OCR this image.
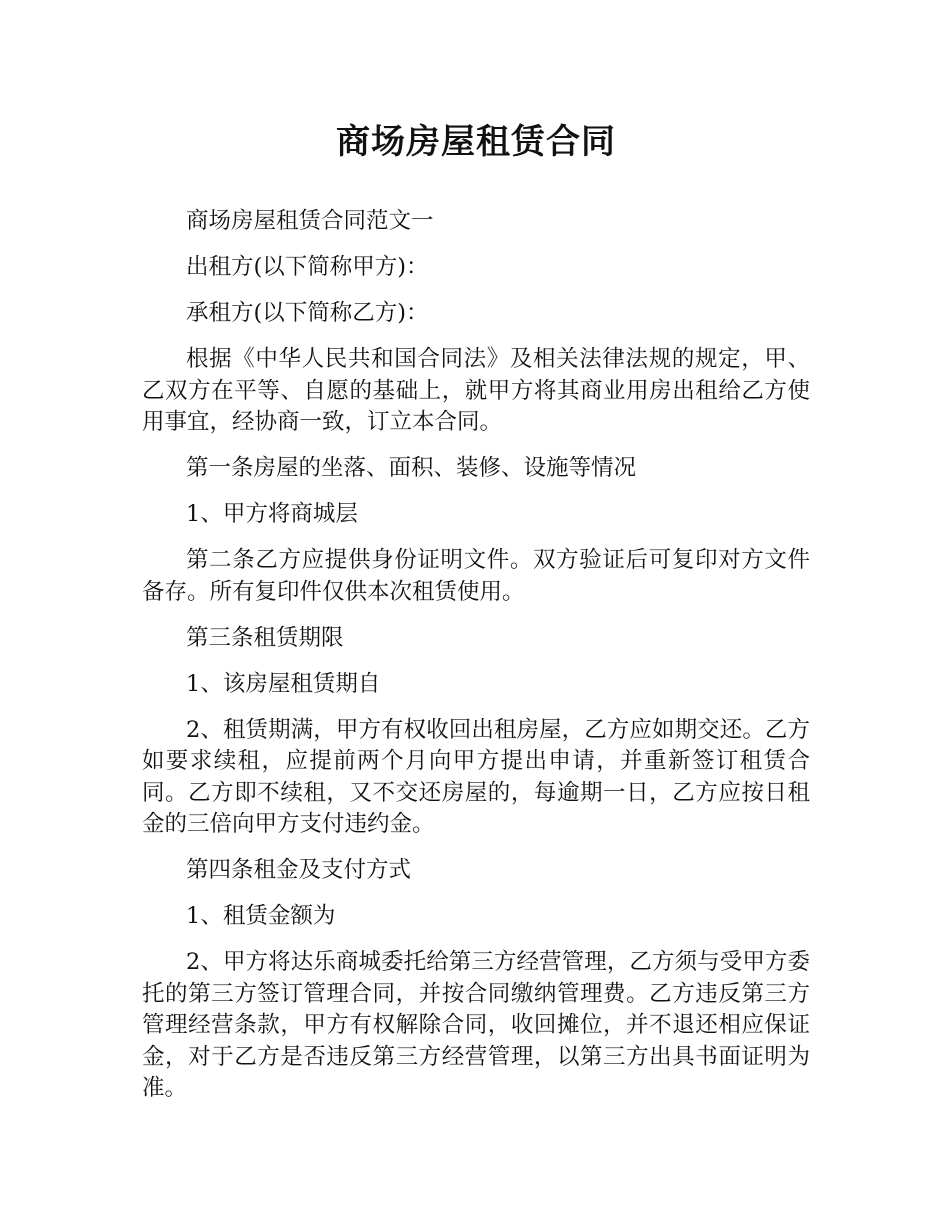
商场房屋租赁合同

商场房屋租赁合同范文一

出租方(以下简称甲方)：

承租方(以下简称乙方)：

根据《中华人民共和国合同法》及相关法律法规的规定，甲、乙双方在平等、自愿的基础上，就甲方将其商业用房出租给乙方使用事宜，经协商一致，订立本合同。

第一条房屋的坐落、面积、装修、设施等情况

1、甲方将商城层

第二条乙方应提供身份证明文件。双方验证后可复印对方文件备存。所有复印件仅供本次租赁使用。

第三条租赁期限

1、该房屋租赁期自

2、租赁期满，甲方有权收回出租房屋，乙方应如期交还。乙方如要求续租，应提前两个月向甲方提出申请，并重新签订租赁合同。乙方即不续租，又不交还房屋的，每逾期一日，乙方应按日租金的三倍向甲方支付违约金。

第四条租金及支付方式

1、租赁金额为

2、甲方将达乐商城委托给第三方经营管理，乙方须与受甲方委托的第三方签订管理合同，并按合同缴纳管理费。乙方违反第三方管理经营条款，甲方有权解除合同，收回摊位，并不退还相应保证金，对于乙方是否违反第三方经营管理，以第三方出具书面证明为准。
